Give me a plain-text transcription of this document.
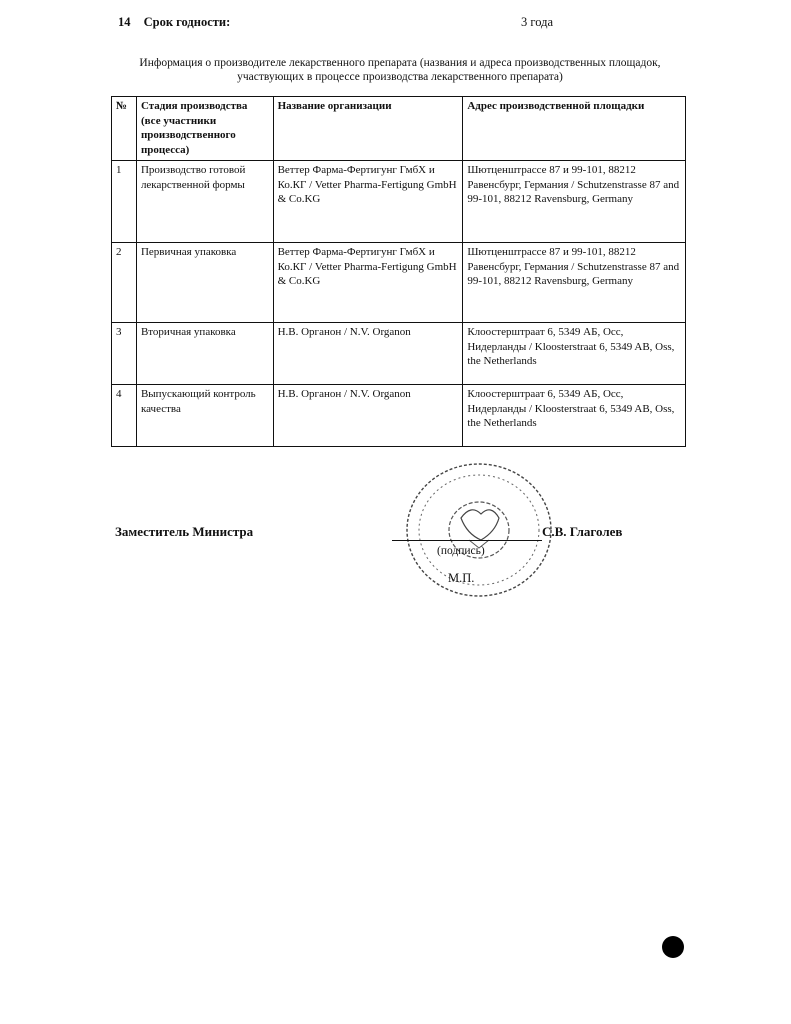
14 Срок годности:	3 года
Информация о производителе лекарственного препарата (названия и адреса производственных площадок,
участвующих в процессе производства лекарственного препарата)
№	Стадия производства (все участники производственного процесса)	Название организации	Адрес производственной площадки
1	Производство готовой лекарственной формы	Веттер Фарма-Фертигунг ГмбХ и Ко.КГ / Vetter Pharma-Fertigung GmbH & Co.KG	Шютценштрассе 87 и 99-101, 88212 Равенсбург, Германия / Schutzenstrasse 87 and 99-101, 88212 Ravensburg, Germany
2	Первичная упаковка	Веттер Фарма-Фертигунг ГмбХ и Ко.КГ / Vetter Pharma-Fertigung GmbH & Co.KG	Шютценштрассе 87 и 99-101, 88212 Равенсбург, Германия / Schutzenstrasse 87 and 99-101, 88212 Ravensburg, Germany
3	Вторичная упаковка	Н.В. Органон / N.V. Organon	Клоостерштраат 6, 5349 АБ, Осс, Нидерланды / Kloosterstraat 6, 5349 AB, Oss, the Netherlands
4	Выпускающий контроль качества	Н.В. Органон / N.V. Organon	Клоостерштраат 6, 5349 АБ, Осс, Нидерланды / Kloosterstraat 6, 5349 AB, Oss, the Netherlands
Заместитель Министра	С.В. Глаголев
(подпись)
М.П.
